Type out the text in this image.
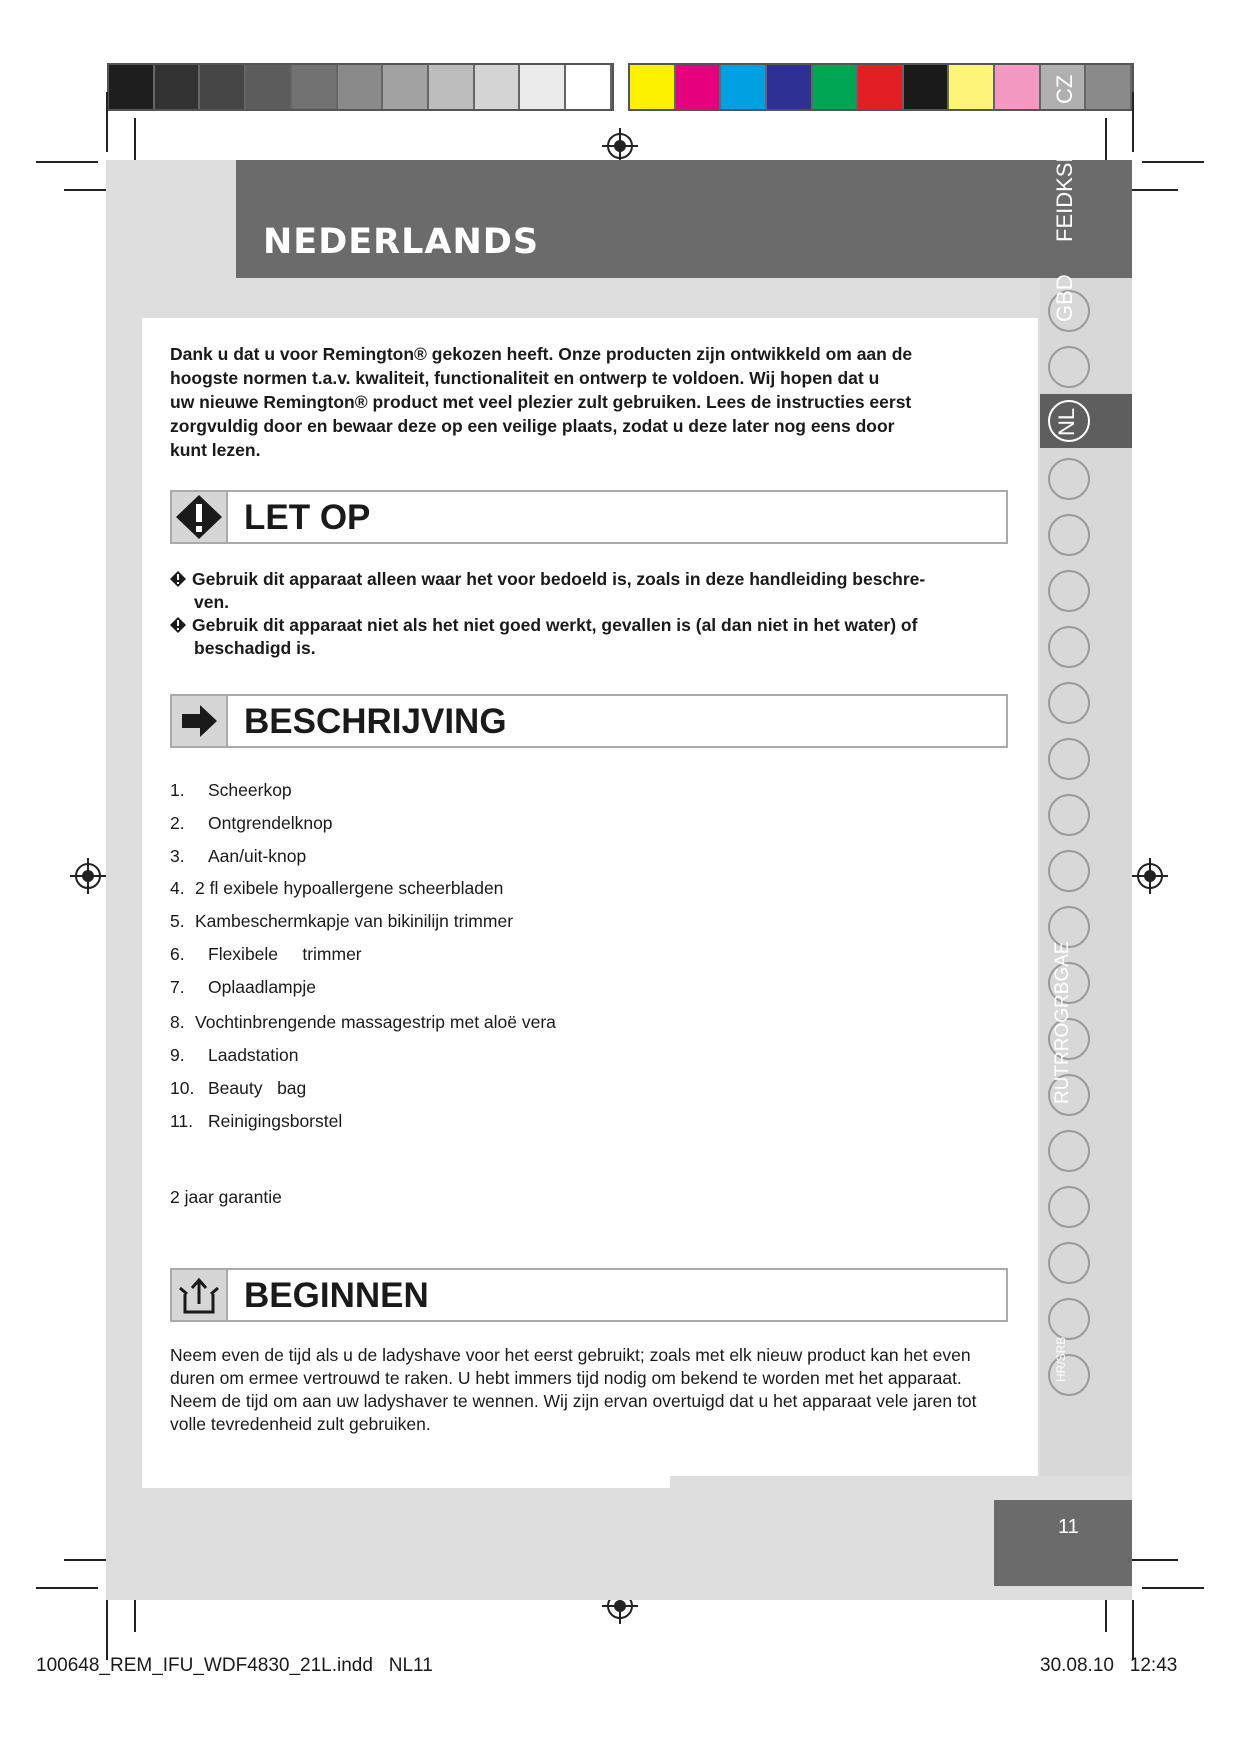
NEDERLANDS
CZ
SK
FEIDKSE
GBD
NL
RUTRROGRBGAE
HR/SRB
11
Dank u dat u voor Remington® gekozen heeft. Onze producten zijn ontwikkeld om aan de
hoogste normen t.a.v. kwaliteit, functionaliteit en ontwerp te voldoen. Wij hopen dat u
uw nieuwe Remington® product met veel plezier zult gebruiken. Lees de instructies eerst
zorgvuldig door en bewaar deze op een veilige plaats, zodat u deze later nog eens door
kunt lezen.
LET OP
Gebruik dit apparaat alleen waar het voor bedoeld is, zoals in deze handleiding beschre-
ven.
Gebruik dit apparaat niet als het niet goed werkt, gevallen is (al dan niet in het water) of
beschadigd is.
BESCHRIJVING
1. Scheerkop
2. Ontgrendelknop
3. Aan/uit-knop
4. 2 fl exibele hypoallergene scheerbladen
5. Kambeschermkapje van bikinilijn trimmer
6. Flexibele     trimmer
7. Oplaadlampje
8. Vochtinbrengende massagestrip met aloë vera
9. Laadstation
10. Beauty   bag
11. Reinigingsborstel
2 jaar garantie
BEGINNEN
Neem even de tijd als u de ladyshave voor het eerst gebruikt; zoals met elk nieuw product kan het even
duren om ermee vertrouwd te raken. U hebt immers tijd nodig om bekend te worden met het apparaat.
Neem de tijd om aan uw ladyshaver te wennen. Wij zijn ervan overtuigd dat u het apparaat vele jaren tot
volle tevredenheid zult gebruiken.
100648_REM_IFU_WDF4830_21L.indd   NL11	30.08.10   12:43
